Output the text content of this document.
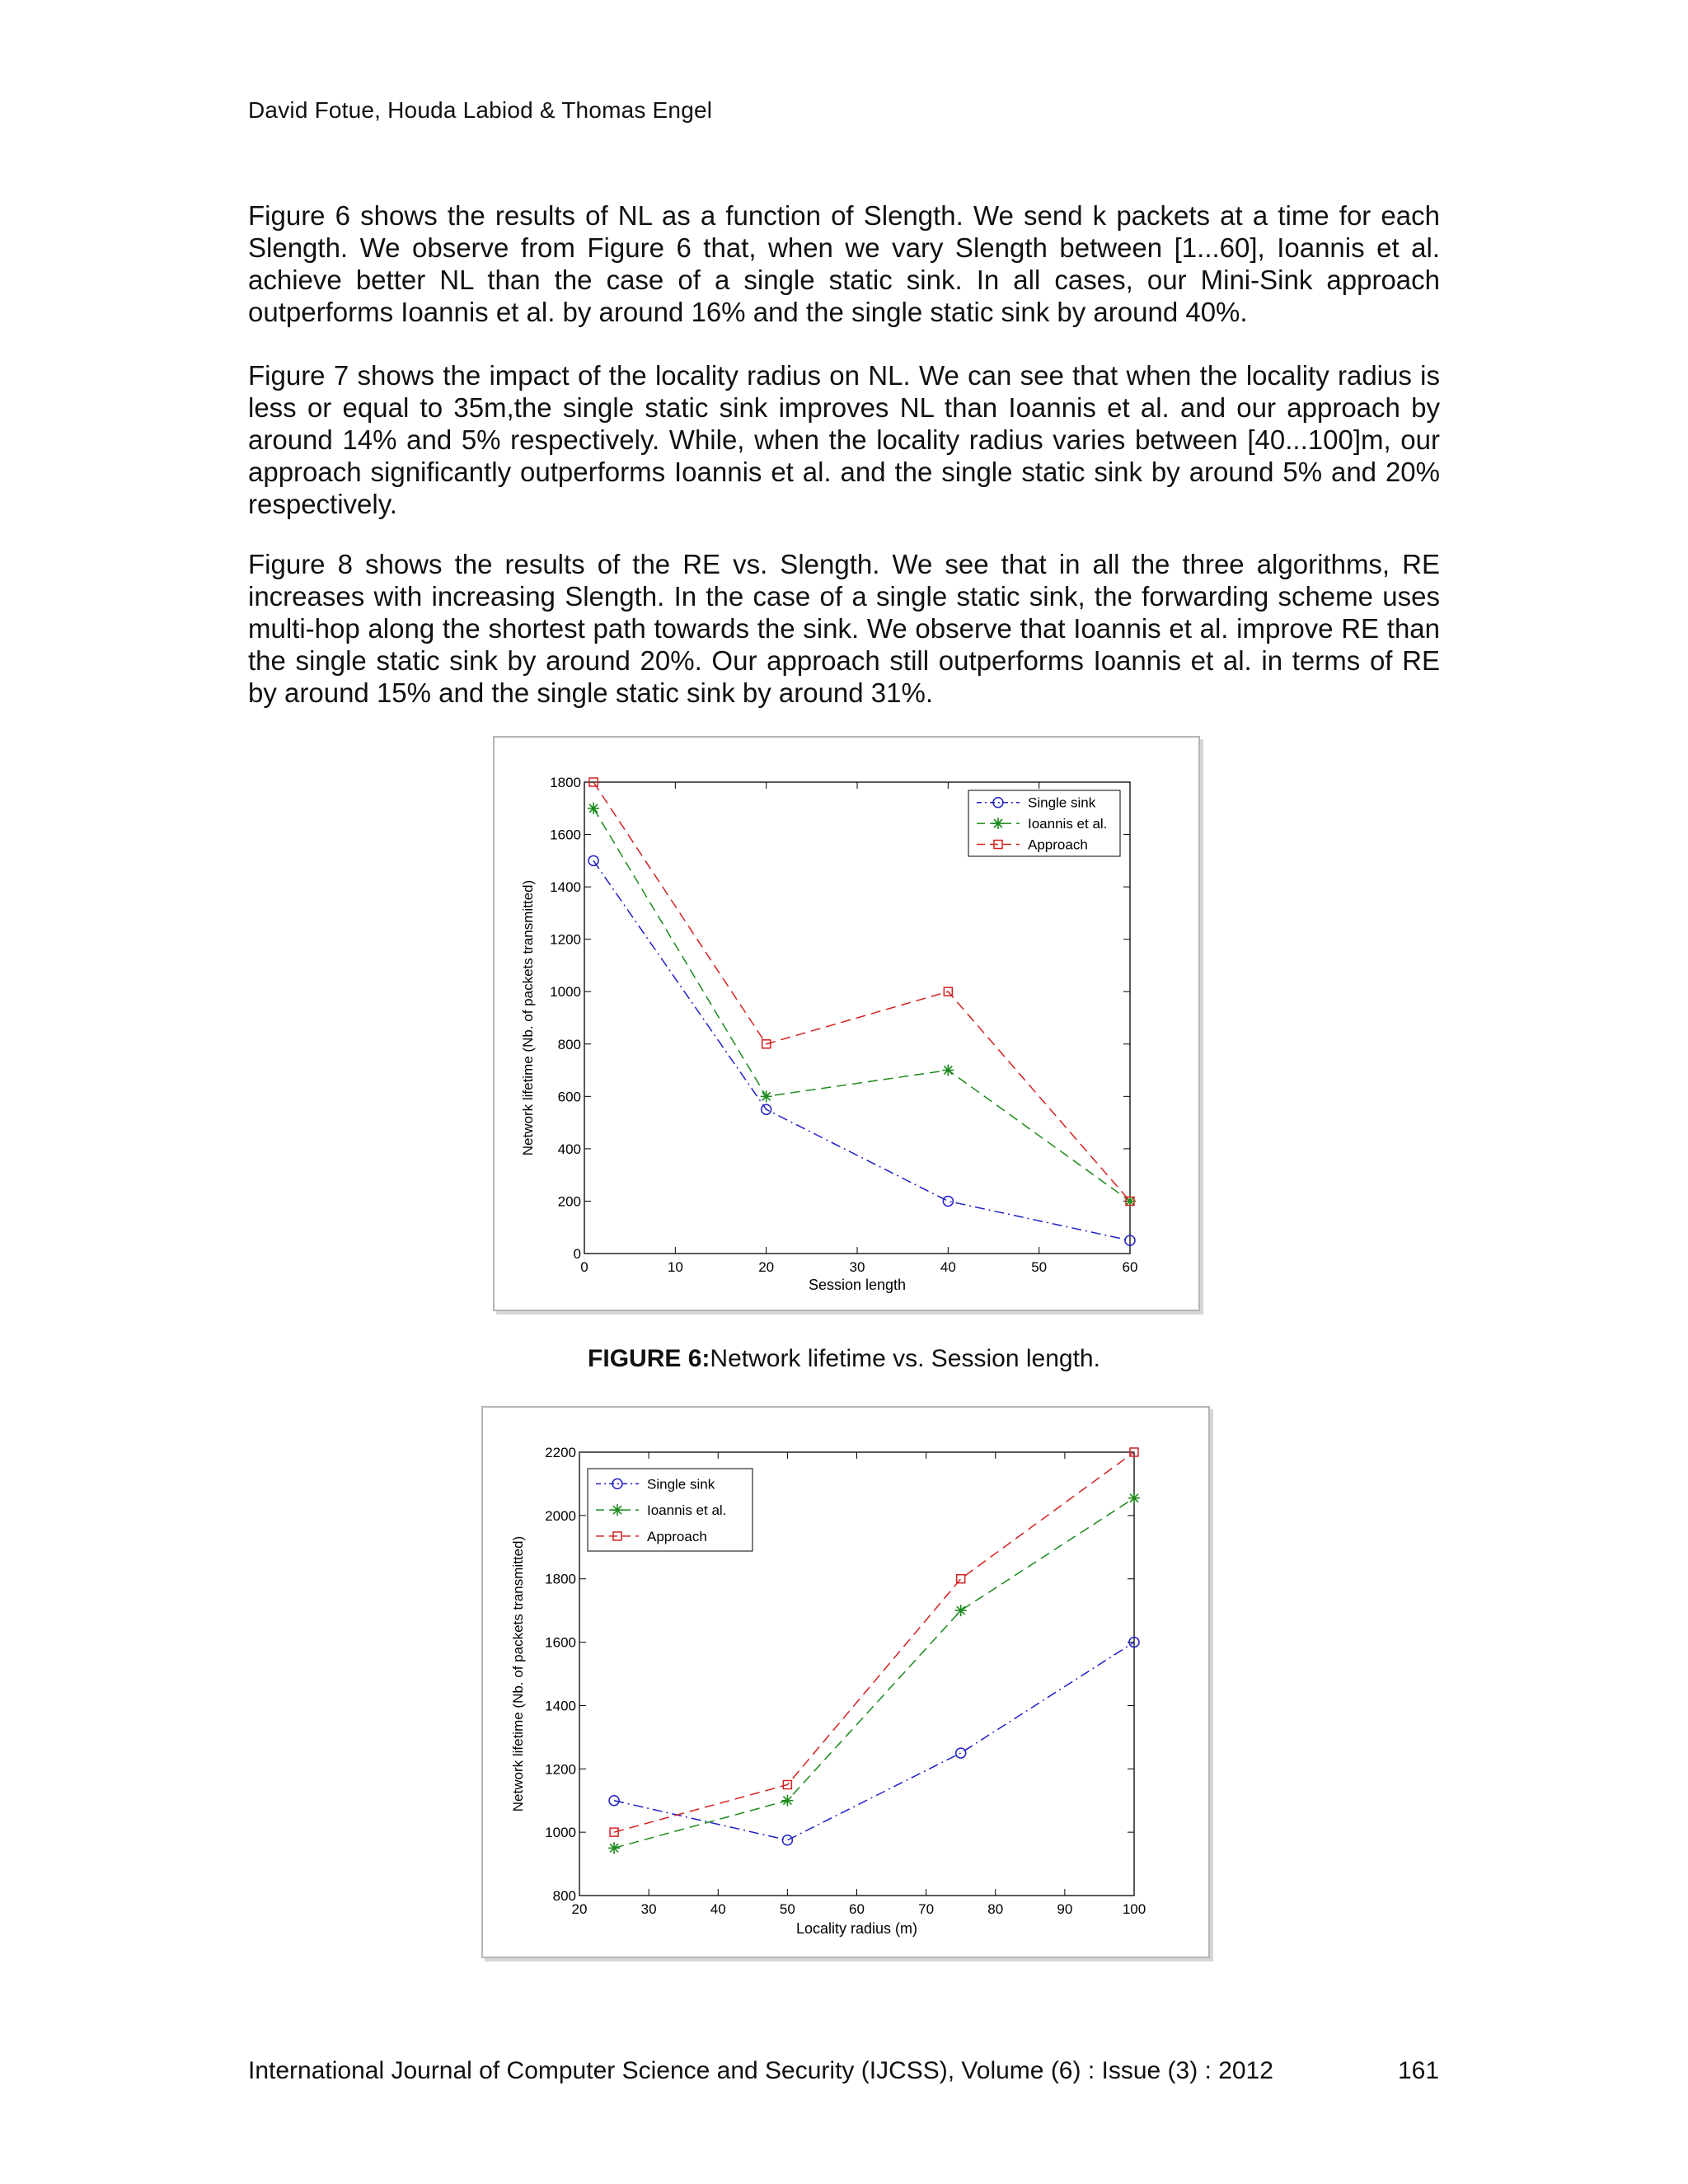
David Fotue, Houda Labiod & Thomas Engel

Figure 6 shows the results of NL as a function of Slength. We send k packets at a time for each Slength. We observe from Figure 6 that, when we vary Slength between [1...60], Ioannis et al. achieve better NL than the case of a single static sink. In all cases, our Mini-Sink approach outperforms Ioannis et al. by around 16% and the single static sink by around 40%.

Figure 7 shows the impact of the locality radius on NL. We can see that when the locality radius is less or equal to 35m,the single static sink improves NL than Ioannis et al. and our approach by around 14% and 5% respectively. While, when the locality radius varies between [40...100]m, our approach significantly outperforms Ioannis et al. and the single static sink by around 5% and 20% respectively.

Figure 8 shows the results of the RE vs. Slength. We see that in all the three algorithms, RE increases with increasing Slength. In the case of a single static sink, the forwarding scheme uses multi-hop along the shortest path towards the sink. We observe that Ioannis et al. improve RE than the single static sink by around 20%. Our approach still outperforms Ioannis et al. in terms of RE by around 15% and the single static sink by around 31%.

0	10	20	30	40	50	60
0
200
400
600
800
1000
1200
1400
1600
1800
Session length
Network lifetime (Nb. of packets transmitted)
Single sink
Ioannis et al.
Approach
FIGURE 6:Network lifetime vs. Session length.
20	30	40	50	60	70	80	90	100
800
1000
1200
1400
1600
1800
2000
2200
Locality radius (m)
Network lifetime (Nb. of packets transmitted)
Single sink
Ioannis et al.
Approach
International Journal of Computer Science and Security (IJCSS), Volume (6) : Issue (3) : 2012	161
